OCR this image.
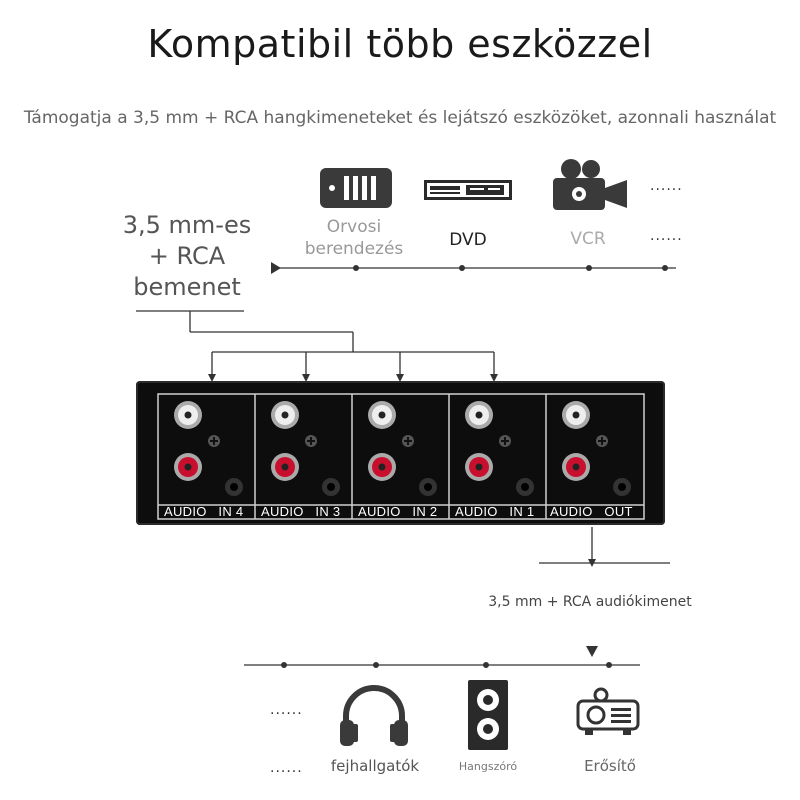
Kompatibil több eszközzel
Támogatja a 3,5 mm + RCA hangkimeneteket és lejátszó eszközöket, azonnali használat
......
......
Orvosi
berendezés	DVD	VCR
3,5 mm-es
+ RCA
bemenet
AUDIO   IN 4 AUDIO   IN 3 AUDIO   IN 2 AUDIO   IN 1 AUDIO   OUT
3,5 mm + RCA audiókimenet
......
......	fejhallgatók	Hangszóró	Erősítő
